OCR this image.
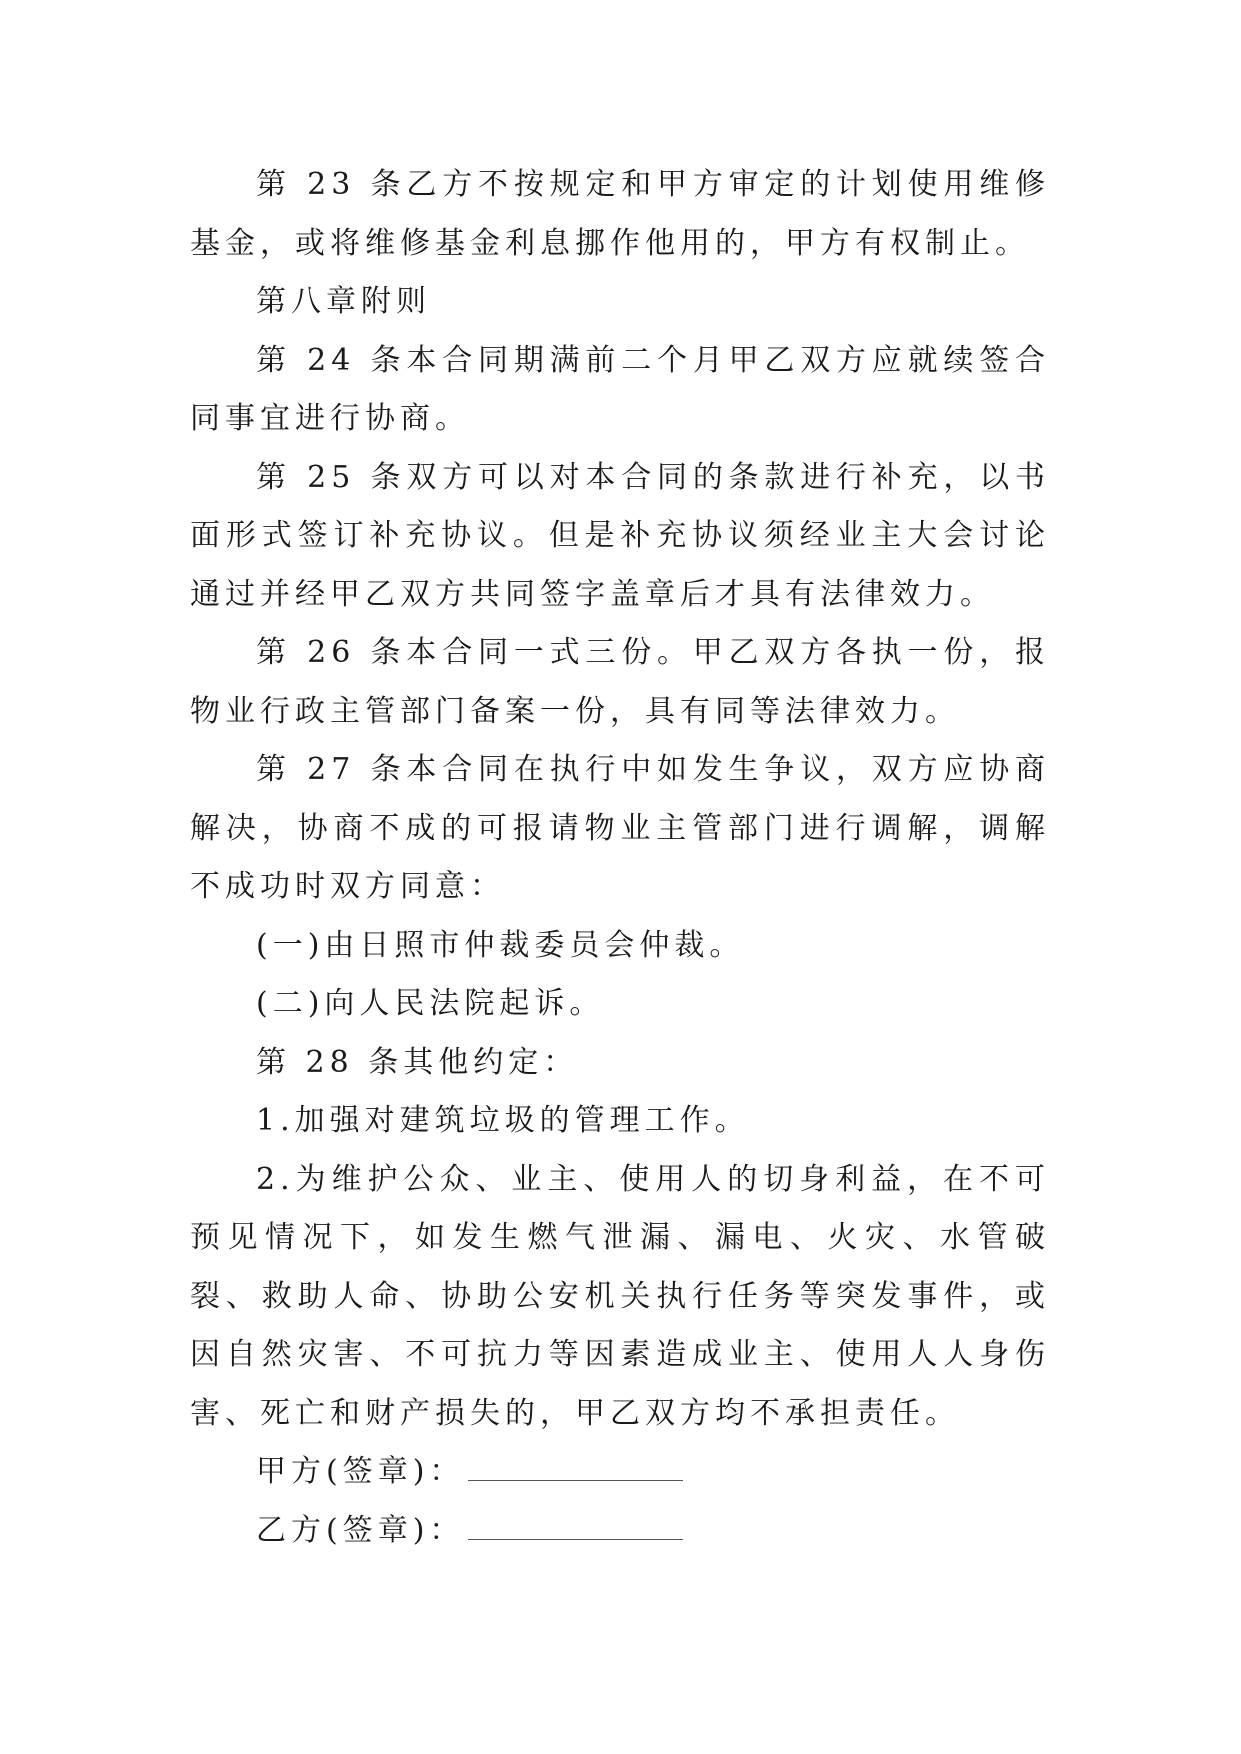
第 23 条乙方不按规定和甲方审定的计划使用维修基金，或将维修基金利息挪作他用的，甲方有权制止。

第八章附则

第 24 条本合同期满前二个月甲乙双方应就续签合同事宜进行协商。

第 25 条双方可以对本合同的条款进行补充，以书面形式签订补充协议。但是补充协议须经业主大会讨论通过并经甲乙双方共同签字盖章后才具有法律效力。

第 26 条本合同一式三份。甲乙双方各执一份，报物业行政主管部门备案一份，具有同等法律效力。

第 27 条本合同在执行中如发生争议，双方应协商解决，协商不成的可报请物业主管部门进行调解，调解不成功时双方同意：

(一)由日照市仲裁委员会仲裁。

(二)向人民法院起诉。

第 28 条其他约定：

1.加强对建筑垃圾的管理工作。

2.为维护公众、业主、使用人的切身利益，在不可预见情况下，如发生燃气泄漏、漏电、火灾、水管破裂、救助人命、协助公安机关执行任务等突发事件，或因自然灾害、不可抗力等因素造成业主、使用人人身伤害、死亡和财产损失的，甲乙双方均不承担责任。

甲方(签章)：

乙方(签章)：
